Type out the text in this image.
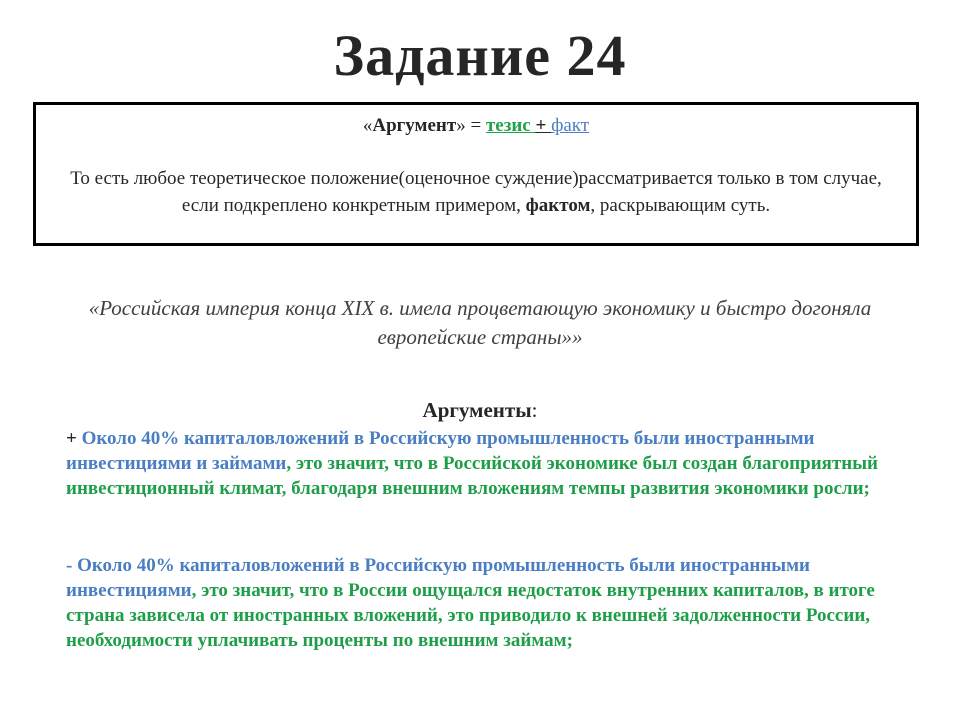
Задание 24
«Аргумент» = тезис + факт
То есть любое теоретическое положение(оценочное суждение)рассматривается только в том случае, если подкреплено конкретным примером, фактом, раскрывающим суть.
«Российская империя конца XIX в. имела процветающую экономику и быстро догоняла европейские страны»»
Аргументы:
+ Около 40% капиталовложений в Российскую промышленность были иностранными инвестициями и займами, это значит, что в Российской экономике был создан благоприятный инвестиционный климат, благодаря внешним вложениям темпы развития экономики росли;
- Около 40% капиталовложений в Российскую промышленность были иностранными инвестициями, это значит, что в России ощущался недостаток внутренних капиталов, в итоге страна зависела от иностранных вложений, это приводило к внешней задолженности России, необходимости уплачивать проценты по внешним займам;
